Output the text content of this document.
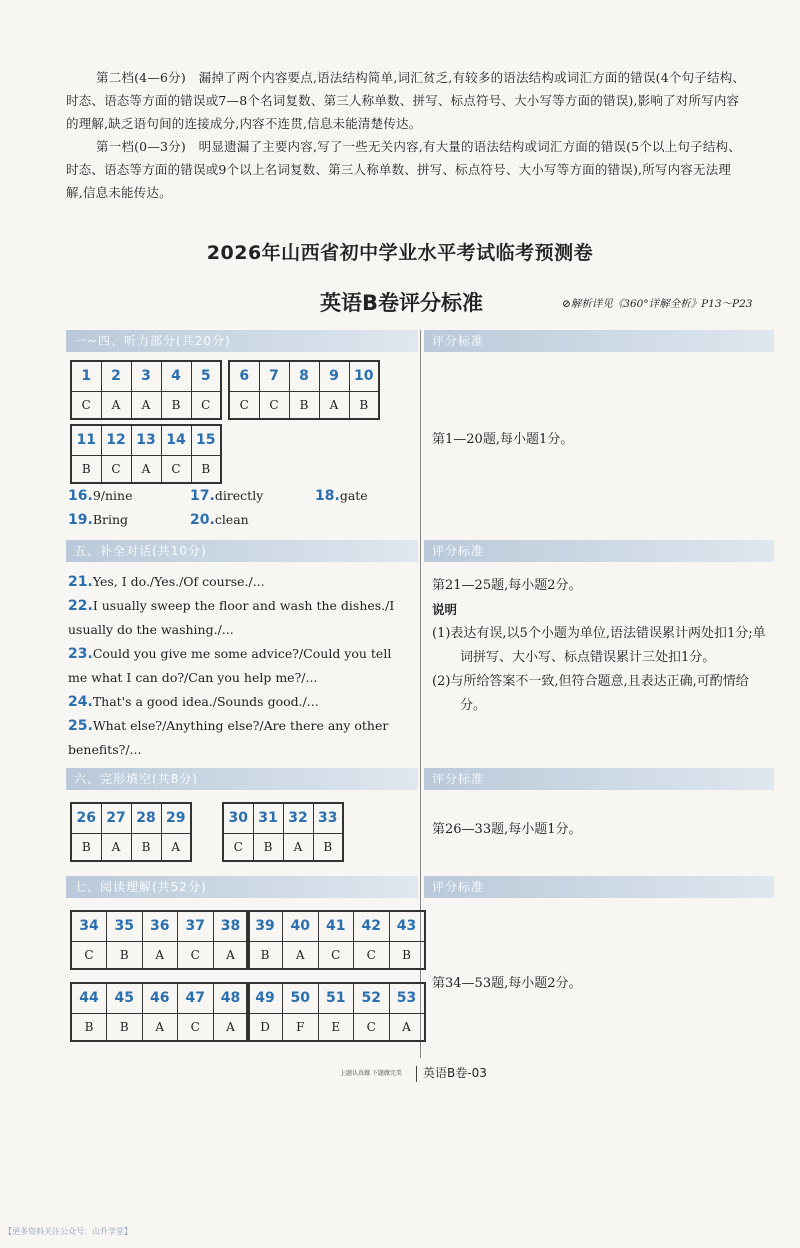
第二档(4—6分)　漏掉了两个内容要点,语法结构简单,词汇贫乏,有较多的语法结构或词汇方面的错误(4个句子结构、时态、语态等方面的错误或7—8个名词复数、第三人称单数、拼写、标点符号、大小写等方面的错误),影响了对所写内容的理解,缺乏语句间的连接成分,内容不连贯,信息未能清楚传达。

第一档(0—3分)　明显遗漏了主要内容,写了一些无关内容,有大量的语法结构或词汇方面的错误(5个以上句子结构、时态、语态等方面的错误或9个以上名词复数、第三人称单数、拼写、标点符号、大小写等方面的错误),所写内容无法理解,信息未能传达。

2026年山西省初中学业水平考试临考预测卷
英语B卷评分标准	⊘解析详见《360°详解全析》P13～P23
一~四、听力部分(共20分)	评分标准
1	2	3	4	5
C	A	A	B	C
6	7	8	9	10
C	C	B	A	B
11	12	13	14	15
B	C	A	C	B
16.9/nine	17.directly	18.gate
19.Bring	20.clean
第1—20题,每小题1分。
五、补全对话(共10分)	评分标准
21.Yes, I do./Yes./Of course./...
22.I usually sweep the floor and wash the dishes./I usually do the washing./...
23.Could you give me some advice?/Could you tell me what I can do?/Can you help me?/...
24.That's a good idea./Sounds good./...
25.What else?/Anything else?/Are there any other benefits?/...
第21—25题,每小题2分。
说明
(1)表达有误,以5个小题为单位,语法错误累计两处扣1分;单词拼写、大小写、标点错误累计三处扣1分。
(2)与所给答案不一致,但符合题意,且表达正确,可酌情给分。
六、完形填空(共8分)	评分标准
26	27	28	29
B	A	B	A
30	31	32	33
C	B	A	B
第26—33题,每小题1分。
七、阅读理解(共52分)	评分标准
34	35	36	37	38
C	B	A	C	A
39	40	41	42	43
B	A	C	C	B
44	45	46	47	48
B	B	A	C	A
49	50	51	52	53
D	F	E	C	A
第34—53题,每小题2分。
上题认真做 下题做完美 英语B卷-03
【更多资料关注公众号：山升学堂】
